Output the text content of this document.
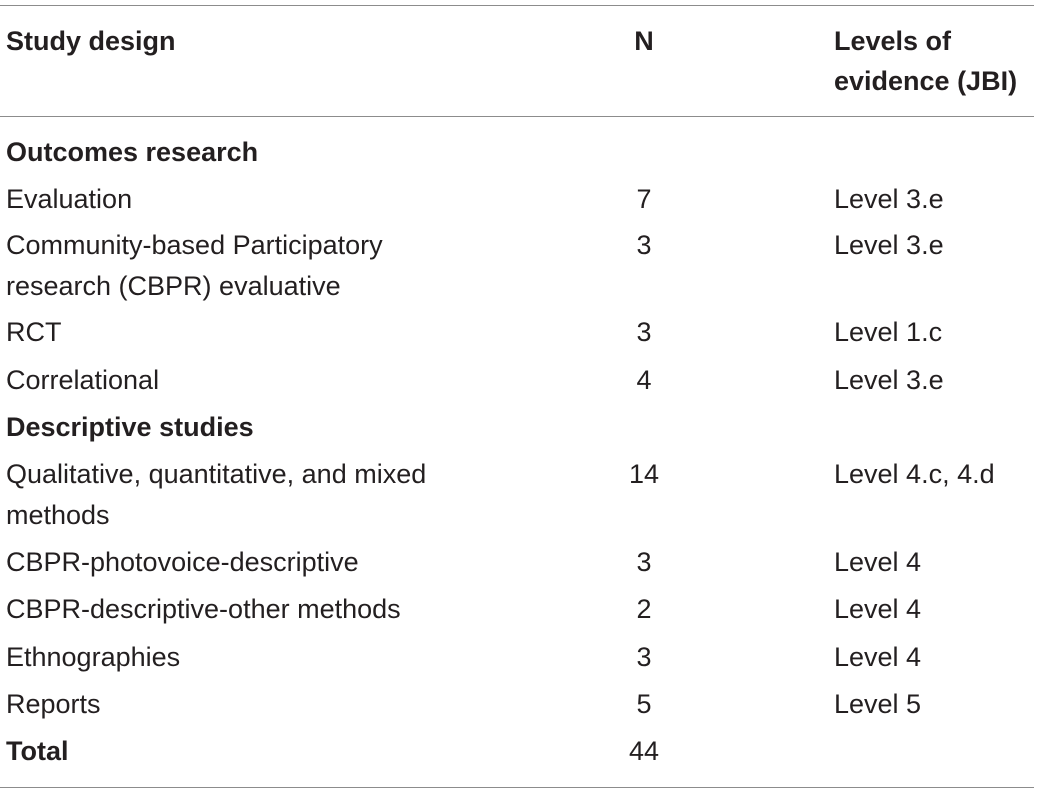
Study design	N	Levels of
evidence (JBI)
Outcomes research
Evaluation	7	Level 3.e
Community-based Participatory
research (CBPR) evaluative
3	Level 3.e
RCT	3	Level 1.c
Correlational	4	Level 3.e
Descriptive studies
Qualitative, quantitative, and mixed
methods
14	Level 4.c, 4.d
CBPR-photovoice-descriptive	3	Level 4
CBPR-descriptive-other methods	2	Level 4
Ethnographies	3	Level 4
Reports	5	Level 5
Total	44
